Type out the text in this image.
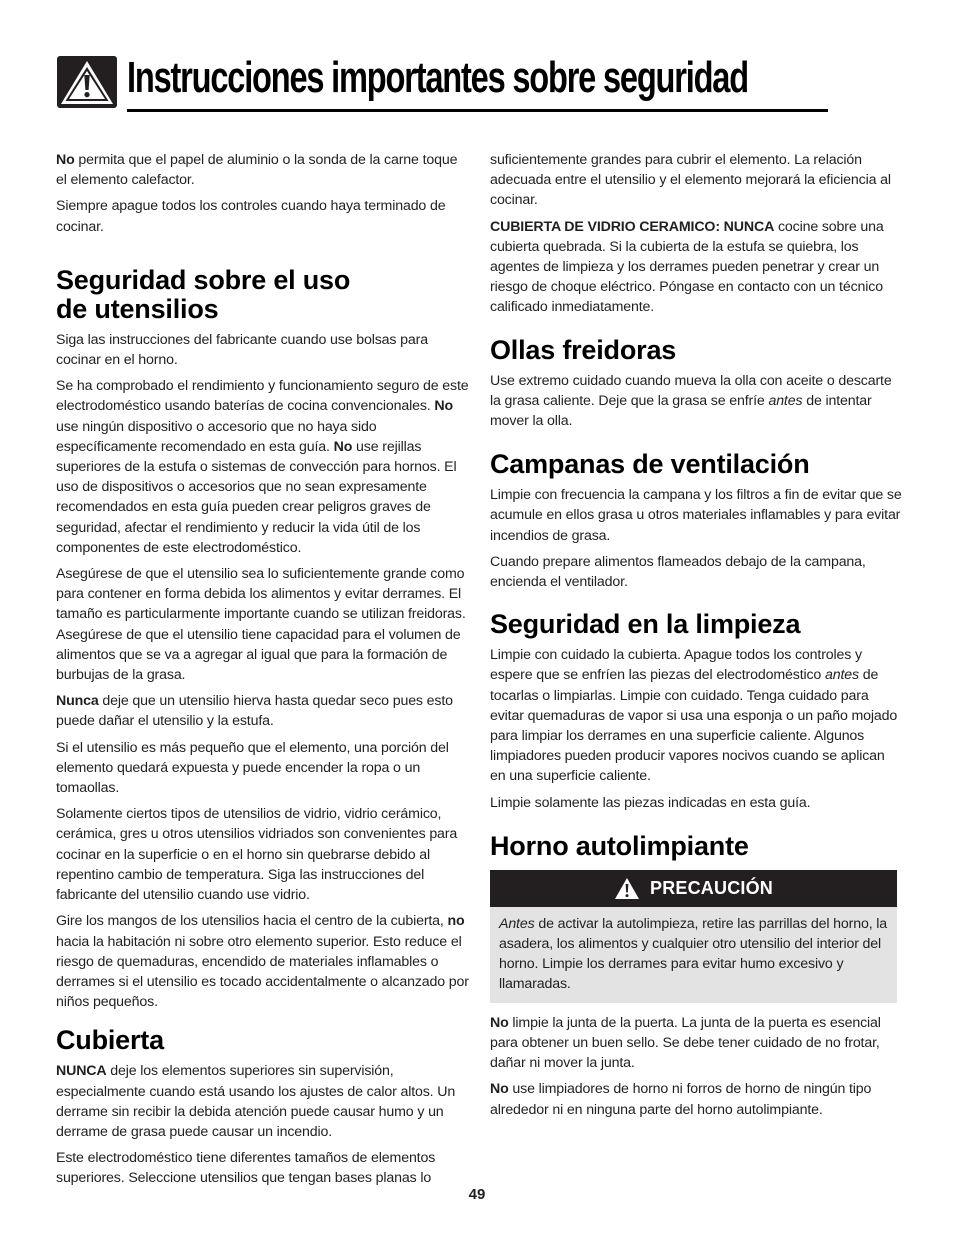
Instrucciones importantes sobre seguridad

No permita que el papel de aluminio o la sonda de la carne toque el elemento calefactor.

Siempre apague todos los controles cuando haya terminado de cocinar.

Seguridad sobre el uso de utensilios

Siga las instrucciones del fabricante cuando use bolsas para cocinar en el horno.

Se ha comprobado el rendimiento y funcionamiento seguro de este electrodoméstico usando baterías de cocina convencionales. No use ningún dispositivo o accesorio que no haya sido específicamente recomendado en esta guía. No use rejillas superiores de la estufa o sistemas de convección para hornos. El uso de dispositivos o accesorios que no sean expresamente recomendados en esta guía pueden crear peligros graves de seguridad, afectar el rendimiento y reducir la vida útil de los componentes de este electrodoméstico.

Asegúrese de que el utensilio sea lo suficientemente grande como para contener en forma debida los alimentos y evitar derrames. El tamaño es particularmente importante cuando se utilizan freidoras. Asegúrese de que el utensilio tiene capacidad para el volumen de alimentos que se va a agregar al igual que para la formación de burbujas de la grasa.

Nunca deje que un utensilio hierva hasta quedar seco pues esto puede dañar el utensilio y la estufa.

Si el utensilio es más pequeño que el elemento, una porción del elemento quedará expuesta y puede encender la ropa o un tomaollas.

Solamente ciertos tipos de utensilios de vidrio, vidrio cerámico, cerámica, gres u otros utensilios vidriados son convenientes para cocinar en la superficie o en el horno sin quebrarse debido al repentino cambio de temperatura. Siga las instrucciones del fabricante del utensilio cuando use vidrio.

Gire los mangos de los utensilios hacia el centro de la cubierta, no hacia la habitación ni sobre otro elemento superior. Esto reduce el riesgo de quemaduras, encendido de materiales inflamables o derrames si el utensilio es tocado accidentalmente o alcanzado por niños pequeños.

Cubierta

NUNCA deje los elementos superiores sin supervisión, especialmente cuando está usando los ajustes de calor altos. Un derrame sin recibir la debida atención puede causar humo y un derrame de grasa puede causar un incendio.

Este electrodoméstico tiene diferentes tamaños de elementos superiores. Seleccione utensilios que tengan bases planas lo

suficientemente grandes para cubrir el elemento. La relación adecuada entre el utensilio y el elemento mejorará la eficiencia al cocinar.

CUBIERTA DE VIDRIO CERAMICO: NUNCA cocine sobre una cubierta quebrada. Si la cubierta de la estufa se quiebra, los agentes de limpieza y los derrames pueden penetrar y crear un riesgo de choque eléctrico. Póngase en contacto con un técnico calificado inmediatamente.

Ollas freidoras

Use extremo cuidado cuando mueva la olla con aceite o descarte la grasa caliente. Deje que la grasa se enfríe antes de intentar mover la olla.

Campanas de ventilación

Limpie con frecuencia la campana y los filtros a fin de evitar que se acumule en ellos grasa u otros materiales inflamables y para evitar incendios de grasa.

Cuando prepare alimentos flameados debajo de la campana, encienda el ventilador.

Seguridad en la limpieza

Limpie con cuidado la cubierta. Apague todos los controles y espere que se enfríen las piezas del electrodoméstico antes de tocarlas o limpiarlas. Limpie con cuidado. Tenga cuidado para evitar quemaduras de vapor si usa una esponja o un paño mojado para limpiar los derrames en una superficie caliente. Algunos limpiadores pueden producir vapores nocivos cuando se aplican en una superficie caliente.

Limpie solamente las piezas indicadas en esta guía.

Horno autolimpiante
PRECAUCIÓN

Antes de activar la autolimpieza, retire las parrillas del horno, la asadera, los alimentos y cualquier otro utensilio del interior del horno. Limpie los derrames para evitar humo excesivo y llamaradas.

No limpie la junta de la puerta. La junta de la puerta es esencial para obtener un buen sello. Se debe tener cuidado de no frotar, dañar ni mover la junta.

No use limpiadores de horno ni forros de horno de ningún tipo alrededor ni en ninguna parte del horno autolimpiante.

49
